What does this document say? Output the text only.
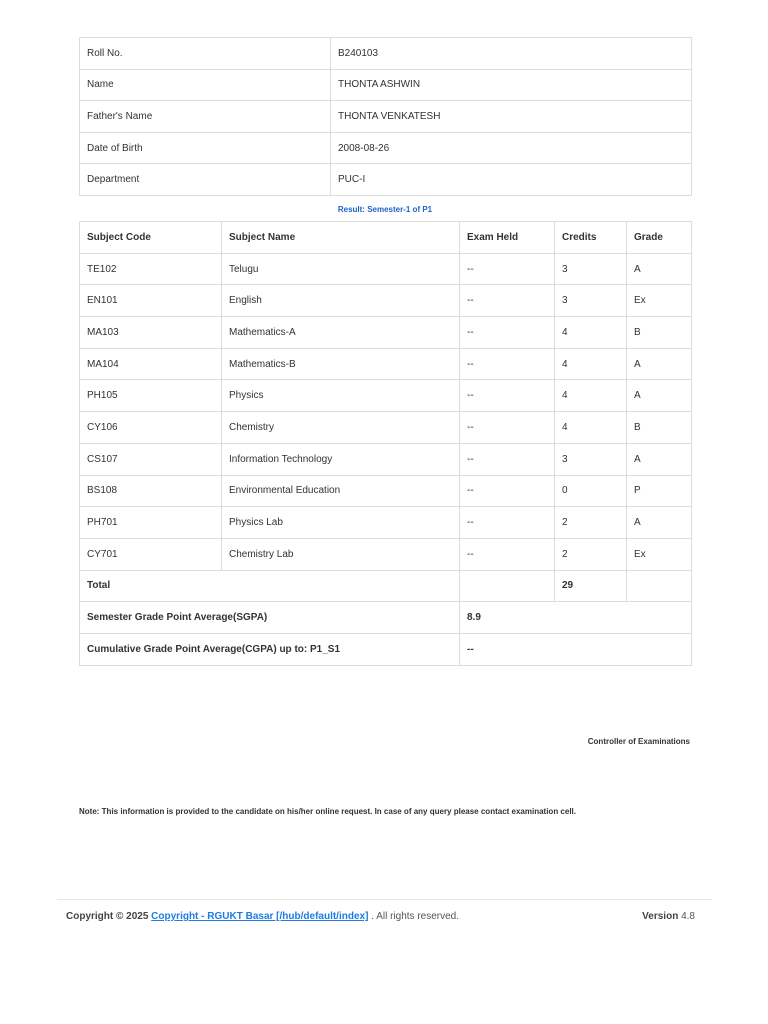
Roll No.	B240103
Name	THONTA ASHWIN
Father's Name	THONTA VENKATESH
Date of Birth	2008-08-26
Department	PUC-I
Result: Semester-1 of P1
Subject Code	Subject Name	Exam Held	Credits	Grade
TE102	Telugu	--	3	A
EN101	English	--	3	Ex
MA103	Mathematics-A	--	4	B
MA104	Mathematics-B	--	4	A
PH105	Physics	--	4	A
CY106	Chemistry	--	4	B
CS107	Information Technology	--	3	A
BS108	Environmental Education	--	0	P
PH701	Physics Lab	--	2	A
CY701	Chemistry Lab	--	2	Ex
Total			29	
Semester Grade Point Average(SGPA)		8.9		
Cumulative Grade Point Average(CGPA) up to: P1_S1		--		
Controller of Examinations
Note: This information is provided to the candidate on his/her online request. In case of any query please contact examination cell.
Copyright © 2025 Copyright - RGUKT Basar [/hub/default/index] . All rights reserved.	Version 4.8
